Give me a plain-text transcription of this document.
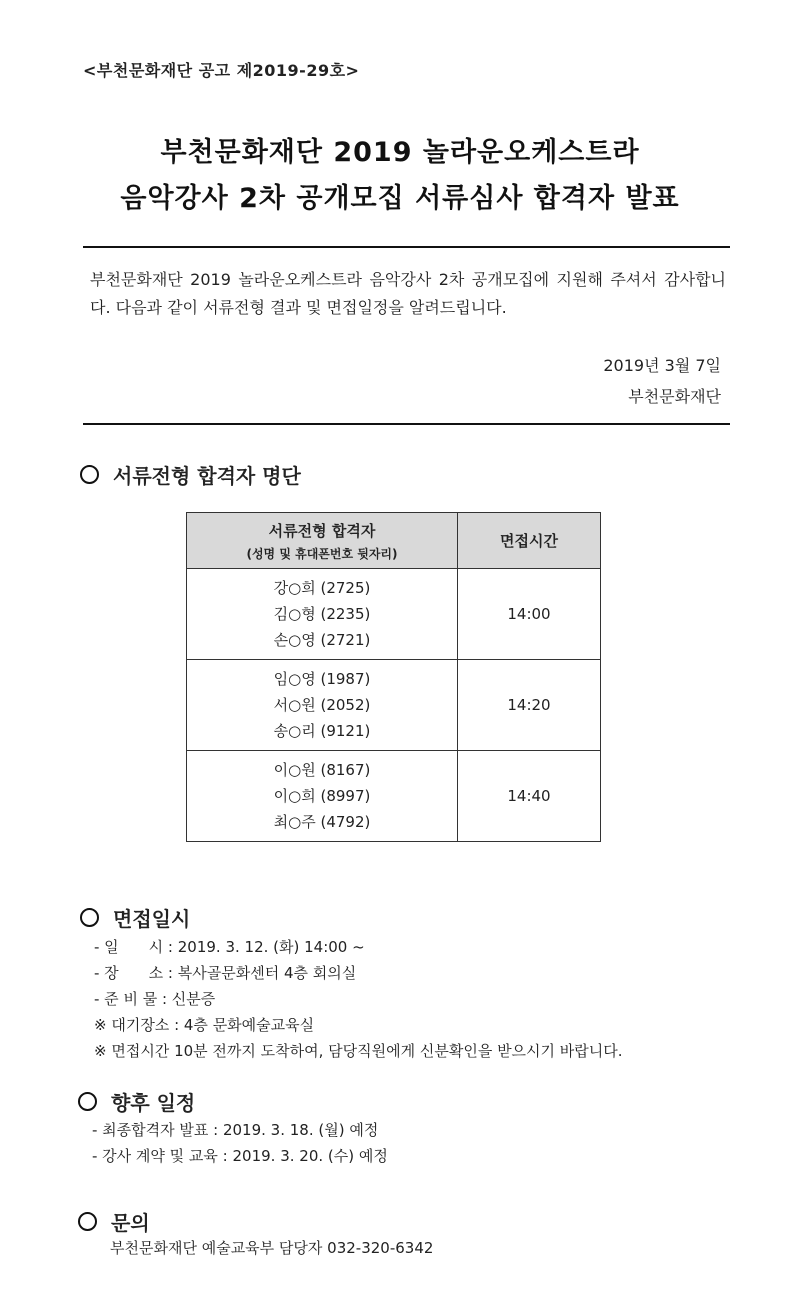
<부천문화재단 공고 제2019-29호>
부천문화재단 2019 놀라운오케스트라
음악강사 2차 공개모집 서류심사 합격자 발표
부천문화재단 2019 놀라운오케스트라 음악강사 2차 공개모집에 지원해 주셔서 감사합니다. 다음과 같이 서류전형 결과 및 면접일정을 알려드립니다.
2019년 3월 7일
부천문화재단
서류전형 합격자 명단
서류전형 합격자
(성명 및 휴대폰번호 뒷자리)	면접시간

강○희 (2725)
김○형 (2235)
손○영 (2721)	14:00

임○영 (1987)
서○원 (2052)
송○리 (9121)	14:20

이○원 (8167)
이○희 (8997)
최○주 (4792)	14:40
면접일시
- 일　　시 : 2019. 3. 12. (화) 14:00 ~
- 장　　소 : 복사골문화센터 4층 회의실
- 준 비 물 : 신분증
※ 대기장소 : 4층 문화예술교육실
※ 면접시간 10분 전까지 도착하여, 담당직원에게 신분확인을 받으시기 바랍니다.
향후 일정
- 최종합격자 발표 : 2019. 3. 18. (월) 예정
- 강사 계약 및 교육 : 2019. 3. 20. (수) 예정
문의
부천문화재단 예술교육부 담당자 032-320-6342
